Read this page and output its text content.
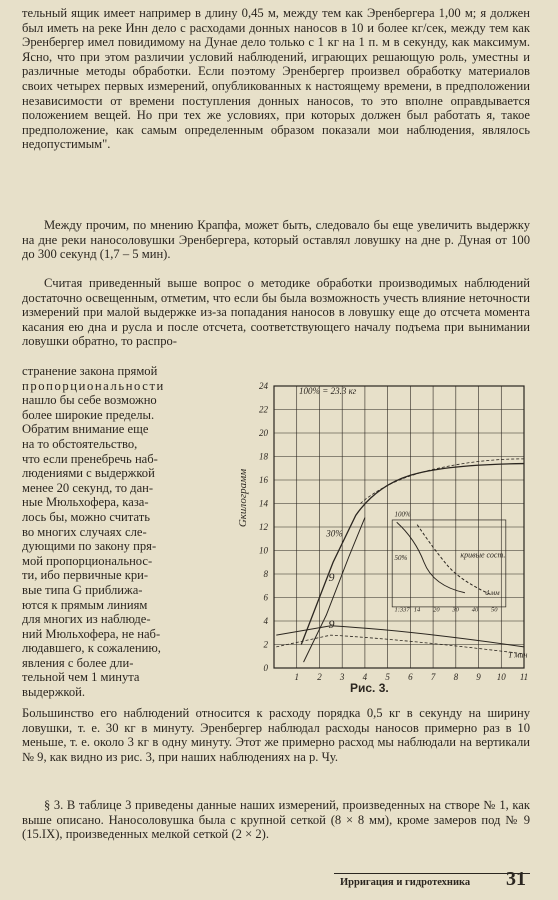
тельный ящик имеет например в длину 0,45 м, между тем как Эренбергера 1,00 м; я должен был иметь на реке Инн дело с расходами донных наносов в 10 и более кг/сек, между тем как Эренбергер имел повидимому на Дунае дело только с 1 кг на 1 п. м в секунду, как максимум. Ясно, что при этом различии условий наблюдений, играющих решающую роль, уместны и различные методы обработки. Если поэтому Эренбергер произвел обработку материалов своих четырех первых измерений, опубликованных к настоящему времени, в предположении независимости от времени поступления донных наносов, то это вполне оправдывается положением вещей. Но при тех же условиях, при которых должен был работать я, такое предположение, как самым определенным образом показали мои наблюдения, являлось недопустимым".

Между прочим, по мнению Крапфа, может быть, следовало бы еще увеличить выдержку на дне реки наносоловушки Эренбергера, который оставлял ловушку на дне р. Дуная от 100 до 300 секунд (1,7 – 5 мин).

Считая приведенный выше вопрос о методике обработки производимых наблюдений достаточно освещенным, отметим, что если бы была возможность учесть влияние неточности измерений при малой выдержке из-за попадания наносов в ловушку еще до отсчета момента касания ею дна и русла и после отсчета, соответствующего началу подъема при вынимании ловушки обратно, то распро-

странение закона прямой
пропорциональности
нашло бы себе возможно
более широкие пределы.
Обратим внимание еще
на то обстоятельство,
что если пренебречь наб-
людениями с выдержкой
менее 20 секунд, то дан-
ные Мюльхофера, каза-
лось бы, можно считать
во многих случаях сле-
дующими по закону пря-
мой пропорциональнос-
ти, ибо первичные кри-
вые типа G приближа-
ются к прямым линиям
для многих из наблюде-
ний Мюльхофера, не наб-
людавшего, к сожалению,
явления с более дли-
тельной чем 1 минута
выдержкой.

Большинство его наблюдений относится к расходу порядка 0,5 кг в секунду на ширину ловушки, т. е. 30 кг в минуту. Эренбергер наблюдал расходы наносов примерно раз в 10 меньше, т. е. около 3 кг в одну минуту. Этот же примерно расход мы наблюдали на вертикали № 9, как видно из рис. 3, при наших наблюдениях на р. Чу.

§ 3. В таблице 3 приведены данные наших измерений, произведенных на створе № 1, как выше описано. Наносоловушка была с крупной сеткой (8 × 8 мм), кроме замеров под № 9 (15.IX), произведенных мелкой сеткой (2 × 2).

0
2
4
6
8
10
12
14
16
18
20
22
24
1 2 3 4 5 6 7 8 9 10 11
Gкилограмм
T мин
100% = 23.3 кг
30%
9
9
100%
50%	кривые сост.
d мм
1:337 14 20 30 40 50
Рис. 3.
Ирригация и гидротехника 31
